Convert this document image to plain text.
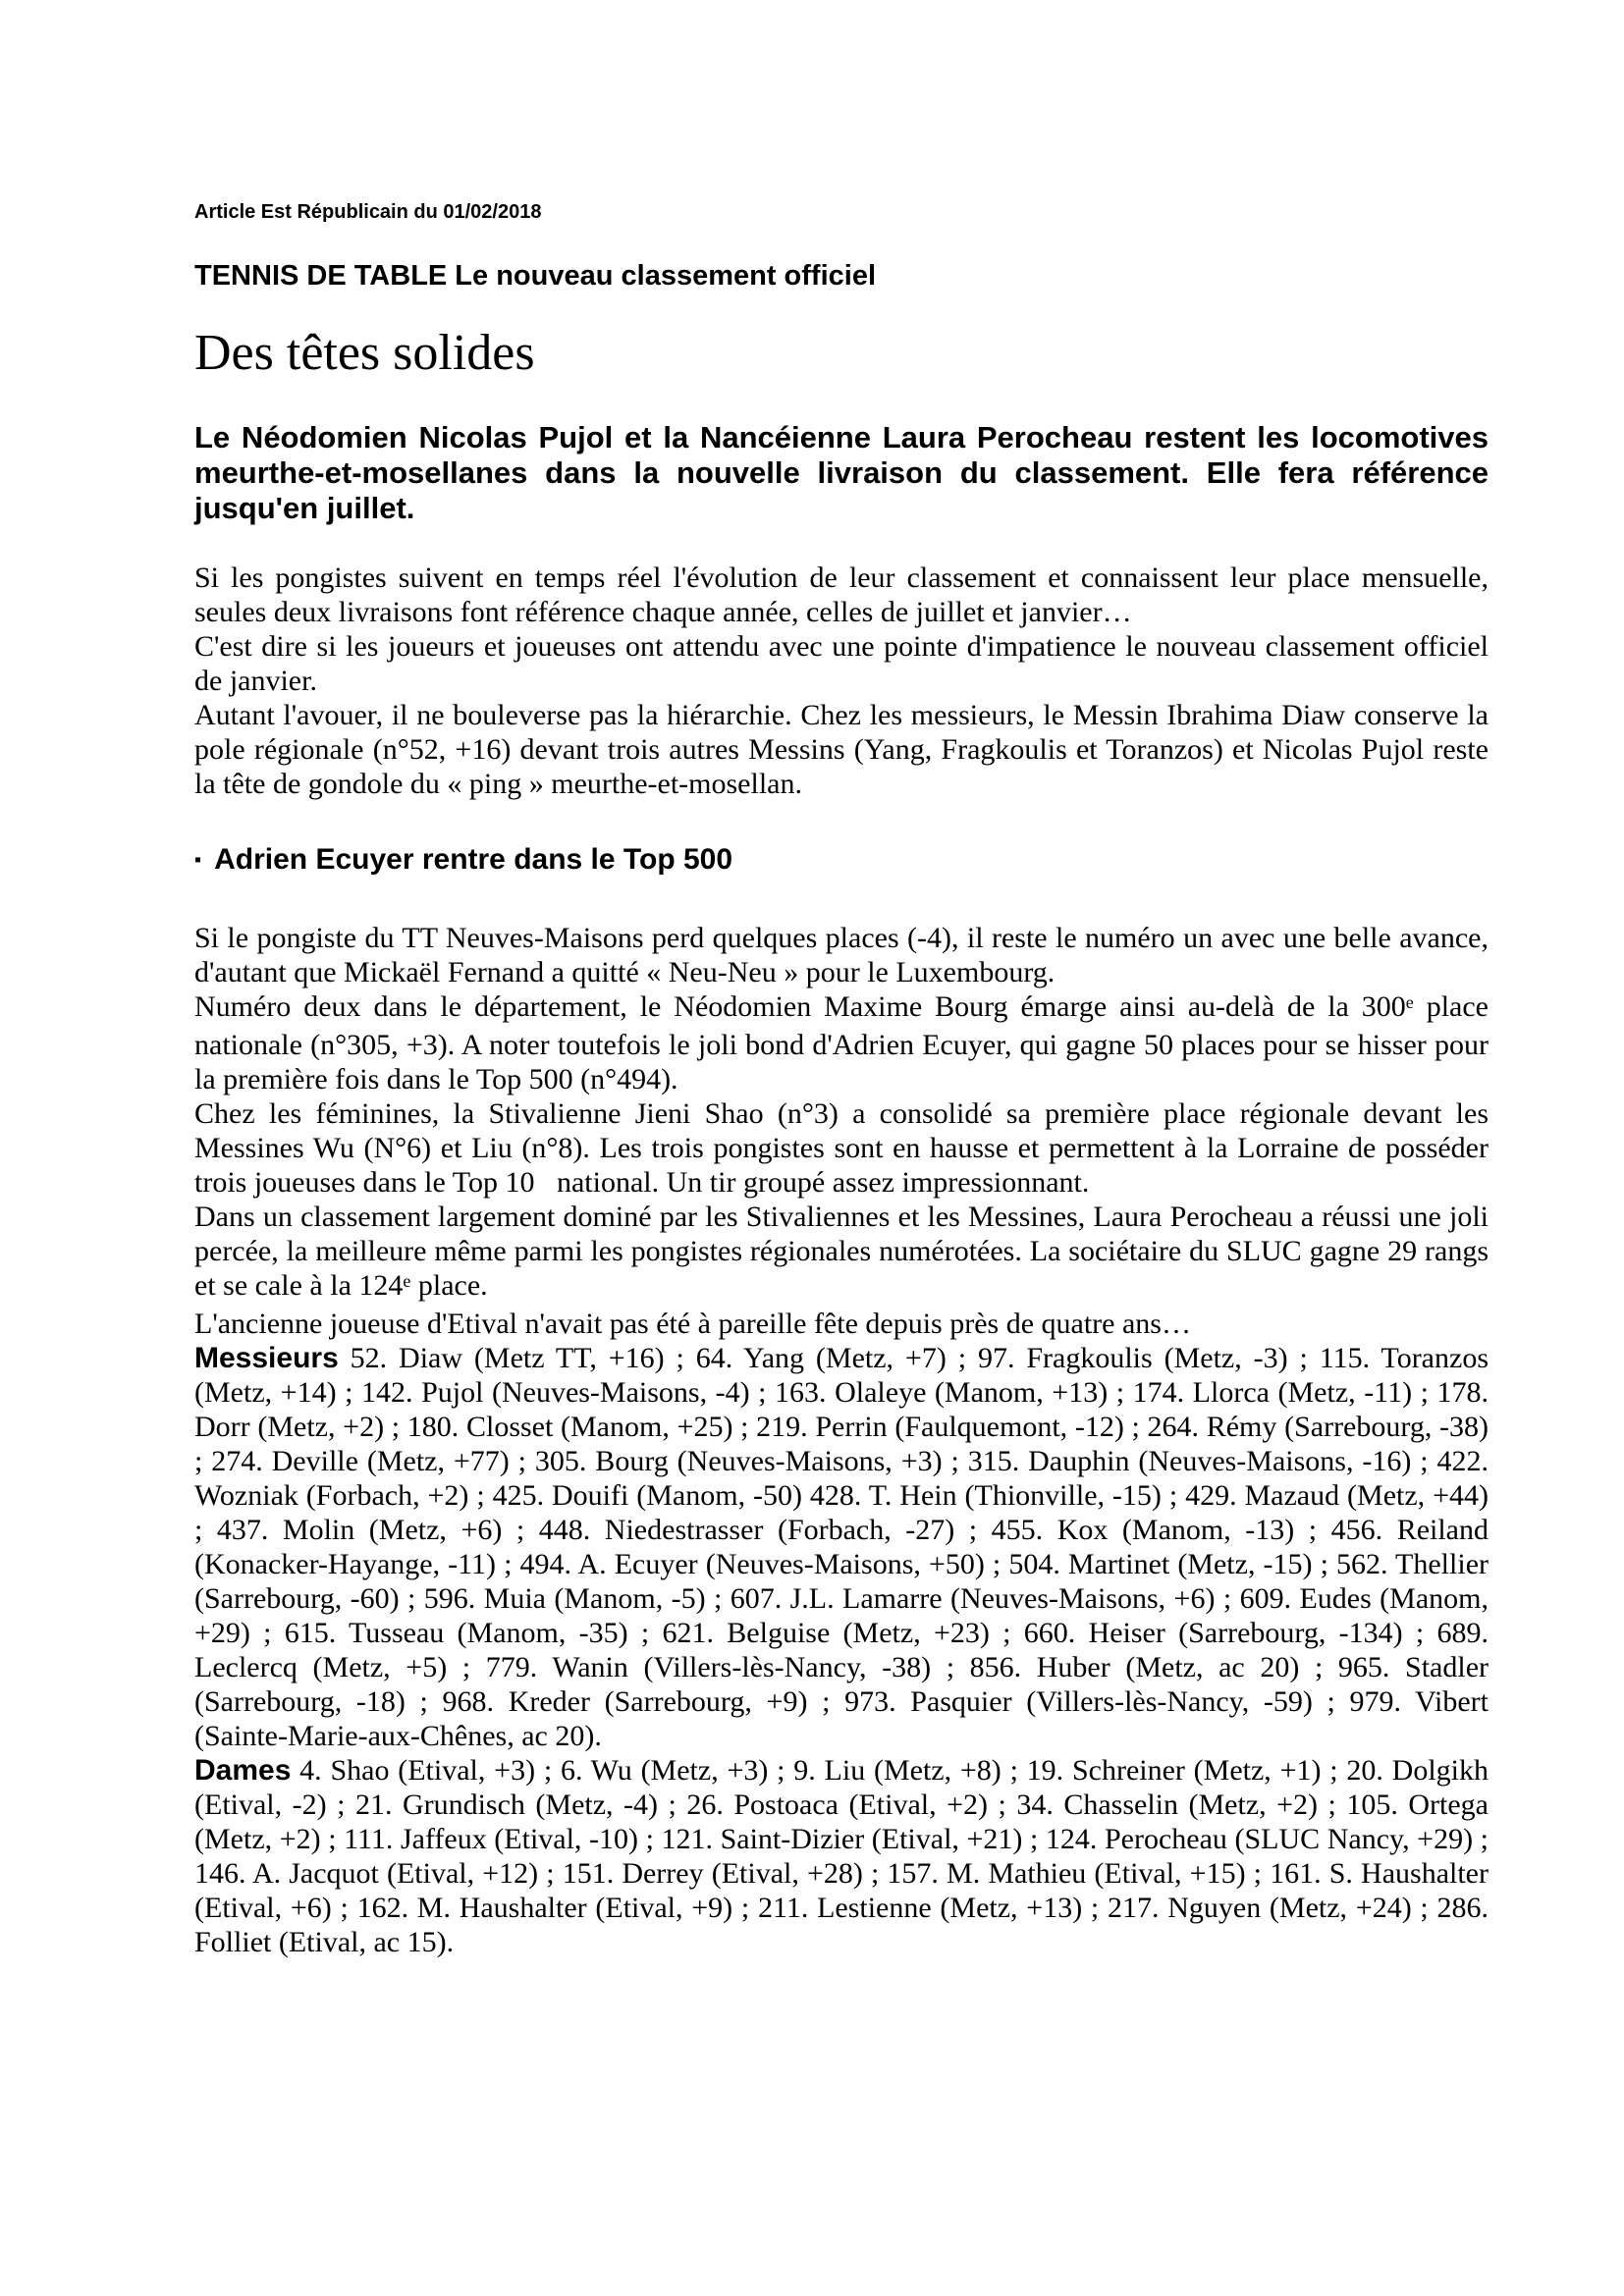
Article Est Républicain du 01/02/2018
TENNIS DE TABLE Le nouveau classement officiel
Des têtes solides

Le Néodomien Nicolas Pujol et la Nancéienne Laura Perocheau restent les locomotives meurthe-et-mosellanes dans la nouvelle livraison du classement. Elle fera référence jusqu'en juillet.

Si les pongistes suivent en temps réel l'évolution de leur classement et connaissent leur place mensuelle, seules deux livraisons font référence chaque année, celles de juillet et janvier…

C'est dire si les joueurs et joueuses ont attendu avec une pointe d'impatience le nouveau classement officiel de janvier.

Autant l'avouer, il ne bouleverse pas la hiérarchie. Chez les messieurs, le Messin Ibrahima Diaw conserve la pole régionale (n°52, +16) devant trois autres Messins (Yang, Fragkoulis et Toranzos) et Nicolas Pujol reste la tête de gondole du « ping » meurthe-et-mosellan.

▪ Adrien Ecuyer rentre dans le Top 500

Si le pongiste du TT Neuves-Maisons perd quelques places (-4), il reste le numéro un avec une belle avance, d'autant que Mickaël Fernand a quitté « Neu-Neu » pour le Luxembourg.

Numéro deux dans le département, le Néodomien Maxime Bourg émarge ainsi au-delà de la 300e place nationale (n°305, +3). A noter toutefois le joli bond d'Adrien Ecuyer, qui gagne 50 places pour se hisser pour la première fois dans le Top 500 (n°494).

Chez les féminines, la Stivalienne Jieni Shao (n°3) a consolidé sa première place régionale devant les Messines Wu (N°6) et Liu (n°8). Les trois pongistes sont en hausse et permettent à la Lorraine de posséder trois joueuses dans le Top 10   national. Un tir groupé assez impressionnant.

Dans un classement largement dominé par les Stivaliennes et les Messines, Laura Perocheau a réussi une joli percée, la meilleure même parmi les pongistes régionales numérotées. La sociétaire du SLUC gagne 29 rangs et se cale à la 124e place.

L'ancienne joueuse d'Etival n'avait pas été à pareille fête depuis près de quatre ans…

Messieurs 52. Diaw (Metz TT, +16) ; 64. Yang (Metz, +7) ; 97. Fragkoulis (Metz, -3) ; 115. Toranzos (Metz, +14) ; 142. Pujol (Neuves-Maisons, -4) ; 163. Olaleye (Manom, +13) ; 174. Llorca (Metz, -11) ; 178. Dorr (Metz, +2) ; 180. Closset (Manom, +25) ; 219. Perrin (Faulquemont, -12) ; 264. Rémy (Sarrebourg, -38) ; 274. Deville (Metz, +77) ; 305. Bourg (Neuves-Maisons, +3) ; 315. Dauphin (Neuves-Maisons, -16) ; 422. Wozniak (Forbach, +2) ; 425. Douifi (Manom, -50) 428. T. Hein (Thionville, -15) ; 429. Mazaud (Metz, +44) ; 437. Molin (Metz, +6) ; 448. Niedestrasser (Forbach, -27) ; 455. Kox (Manom, -13) ; 456. Reiland (Konacker-Hayange, -11) ; 494. A. Ecuyer (Neuves-Maisons, +50) ; 504. Martinet (Metz, -15) ; 562. Thellier (Sarrebourg, -60) ; 596. Muia (Manom, -5) ; 607. J.L. Lamarre (Neuves-Maisons, +6) ; 609. Eudes (Manom, +29) ; 615. Tusseau (Manom, -35) ; 621. Belguise (Metz, +23) ; 660. Heiser (Sarrebourg, -134) ; 689. Leclercq (Metz, +5) ; 779. Wanin (Villers-lès-Nancy, -38) ; 856. Huber (Metz, ac 20) ; 965. Stadler (Sarrebourg, -18) ; 968. Kreder (Sarrebourg, +9) ; 973. Pasquier (Villers-lès-Nancy, -59) ; 979. Vibert (Sainte-Marie-aux-Chênes, ac 20).

Dames 4. Shao (Etival, +3) ; 6. Wu (Metz, +3) ; 9. Liu (Metz, +8) ; 19. Schreiner (Metz, +1) ; 20. Dolgikh (Etival, -2) ; 21. Grundisch (Metz, -4) ; 26. Postoaca (Etival, +2) ; 34. Chasselin (Metz, +2) ; 105. Ortega (Metz, +2) ; 111. Jaffeux (Etival, -10) ; 121. Saint-Dizier (Etival, +21) ; 124. Perocheau (SLUC Nancy, +29) ; 146. A. Jacquot (Etival, +12) ; 151. Derrey (Etival, +28) ; 157. M. Mathieu (Etival, +15) ; 161. S. Haushalter (Etival, +6) ; 162. M. Haushalter (Etival, +9) ; 211. Lestienne (Metz, +13) ; 217. Nguyen (Metz, +24) ; 286. Folliet (Etival, ac 15).
